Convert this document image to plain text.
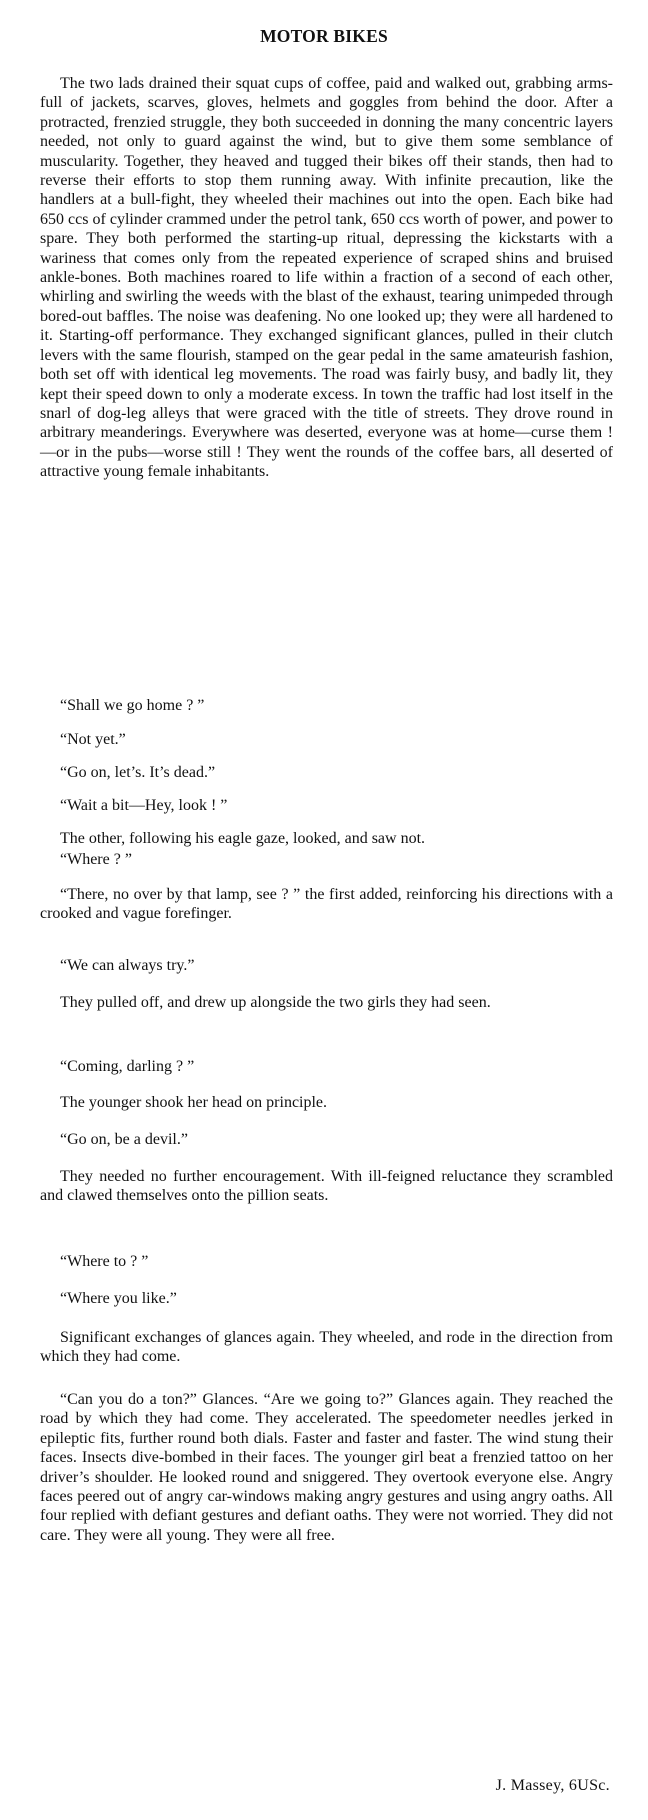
MOTOR BIKES

The two lads drained their squat cups of coffee, paid and walked out, grabbing arms-full of jackets, scarves, gloves, helmets and goggles from behind the door. After a protracted, frenzied struggle, they both succeeded in donning the many concentric layers needed, not only to guard against the wind, but to give them some semblance of muscularity. Together, they heaved and tugged their bikes off their stands, then had to reverse their efforts to stop them running away. With infinite precaution, like the handlers at a bull-fight, they wheeled their machines out into the open. Each bike had 650 ccs of cylinder crammed under the petrol tank, 650 ccs worth of power, and power to spare. They both performed the starting-up ritual, depressing the kickstarts with a wariness that comes only from the repeated experience of scraped shins and bruised ankle-bones. Both machines roared to life within a fraction of a second of each other, whirling and swirling the weeds with the blast of the exhaust, tearing unimpeded through bored-out baffles. The noise was deafening. No one looked up; they were all hardened to it. Starting-off performance. They exchanged significant glances, pulled in their clutch levers with the same flourish, stamped on the gear pedal in the same amateurish fashion, both set off with identical leg movements. The road was fairly busy, and badly lit, they kept their speed down to only a moderate excess. In town the traffic had lost itself in the snarl of dog-leg alleys that were graced with the title of streets. They drove round in arbitrary meanderings. Everywhere was deserted, everyone was at home—curse them !—or in the pubs—worse still ! They went the rounds of the coffee bars, all deserted of attractive young female inhabitants.

“Shall we go home ? ”

“Not yet.”

“Go on, let’s. It’s dead.”

“Wait a bit—Hey, look ! ”

The other, following his eagle gaze, looked, and saw not.

“Where ? ”

“There, no over by that lamp, see ? ” the first added, reinforcing his directions with a crooked and vague forefinger.

“We can always try.”

They pulled off, and drew up alongside the two girls they had seen.

“Coming, darling ? ”

The younger shook her head on principle.

“Go on, be a devil.”

They needed no further encouragement. With ill-feigned reluctance they scrambled and clawed themselves onto the pillion seats.

“Where to ? ”

“Where you like.”

Significant exchanges of glances again. They wheeled, and rode in the direction from which they had come.

“Can you do a ton?” Glances. “Are we going to?” Glances again. They reached the road by which they had come. They accelerated. The speedometer needles jerked in epileptic fits, further round both dials. Faster and faster and faster. The wind stung their faces. Insects dive-bombed in their faces. The younger girl beat a frenzied tattoo on her driver’s shoulder. He looked round and sniggered. They overtook everyone else. Angry faces peered out of angry car-windows making angry gestures and using angry oaths. All four replied with defiant gestures and defiant oaths. They were not worried. They did not care. They were all young. They were all free.

J. Massey, 6USc.
